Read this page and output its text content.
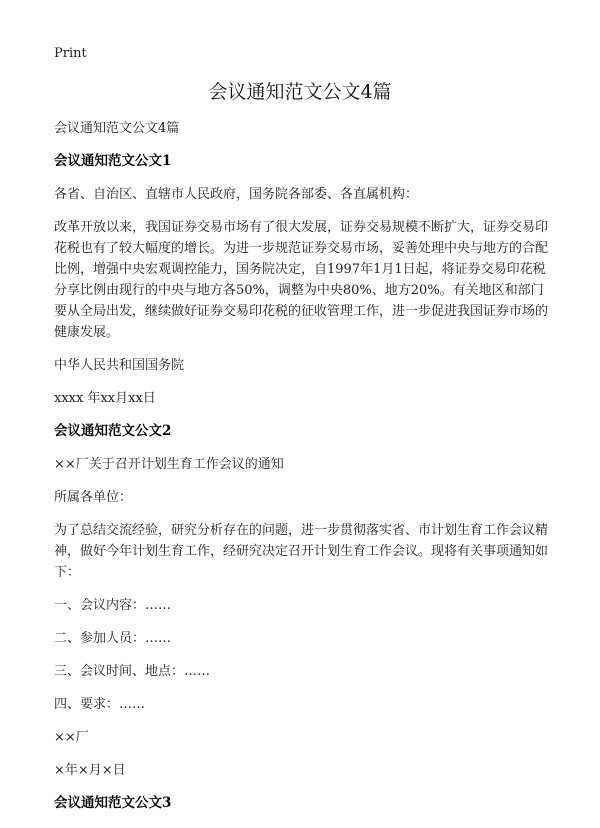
Print
会议通知范文公文4篇

会议通知范文公文4篇

会议通知范文公文1

各省、自治区、直辖市人民政府，国务院各部委、各直属机构：

改革开放以来，我国证券交易市场有了很大发展，证券交易规模不断扩大，证券交易印花税也有了较大幅度的增长。为进一步规范证券交易市场，妥善处理中央与地方的合配比例，增强中央宏观调控能力，国务院决定，自1997年1月1日起，将证券交易印花税分享比例由现行的中央与地方各50%，调整为中央80%、地方20%。有关地区和部门要从全局出发，继续做好证券交易印花税的征收管理工作，进一步促进我国证券市场的健康发展。

中华人民共和国国务院

xxxx 年xx月xx日

会议通知范文公文2

××厂关于召开计划生育工作会议的通知

所属各单位：

为了总结交流经验，研究分析存在的问题，进一步贯彻落实省、市计划生育工作会议精神，做好今年计划生育工作，经研究决定召开计划生育工作会议。现将有关事项通知如下：

一、会议内容：……

二、参加人员：……

三、会议时间、地点：……

四、要求：……

××厂

×年×月×日

会议通知范文公文3
